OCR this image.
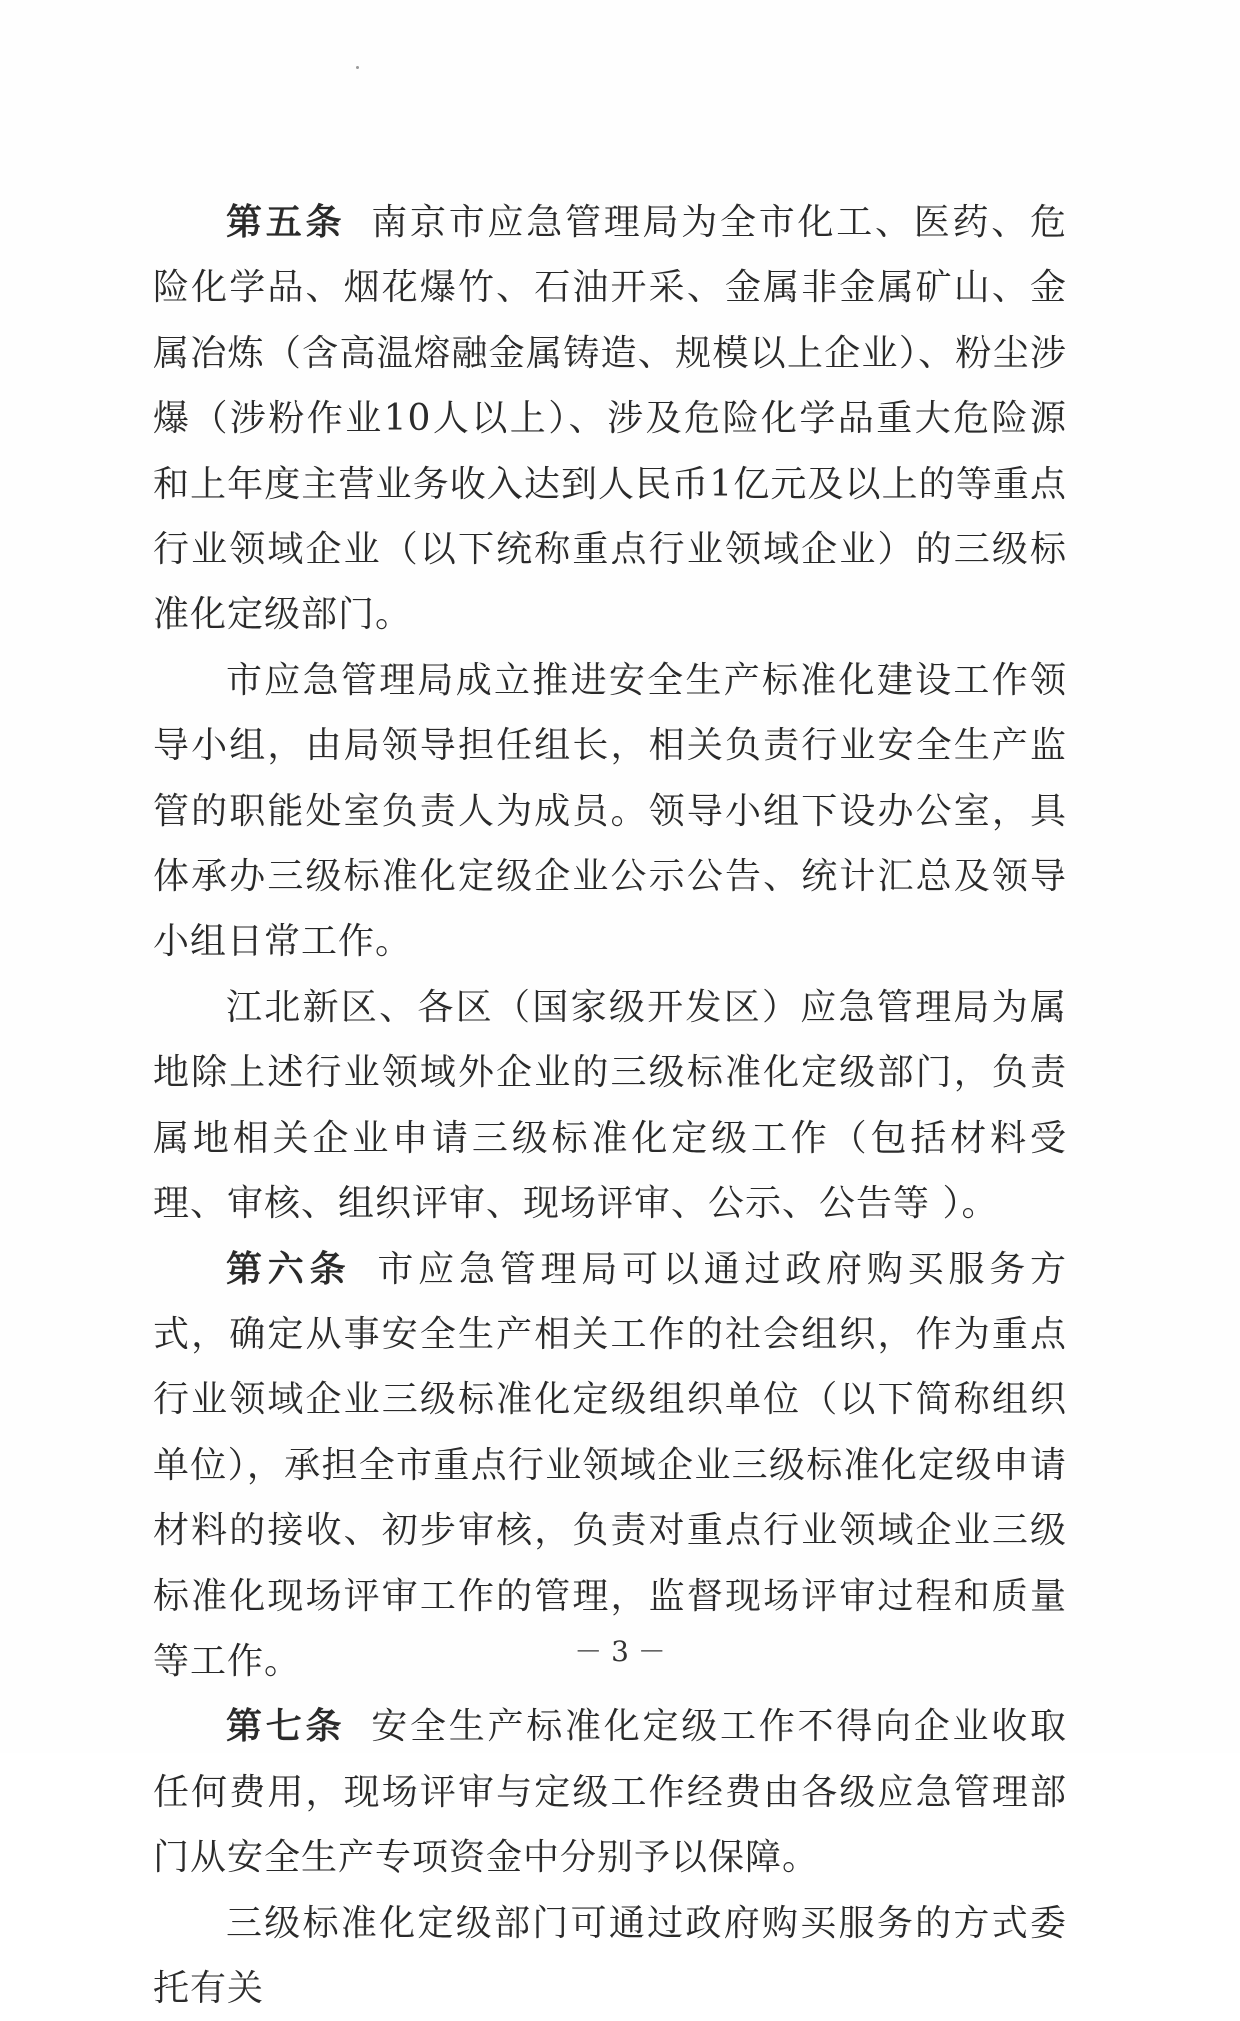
第五条 南京市应急管理局为全市化工、医药、危险化学品、烟花爆竹、石油开采、金属非金属矿山、金属冶炼（含高温熔融金属铸造、规模以上企业）、粉尘涉爆（涉粉作业10人以上）、涉及危险化学品重大危险源和上年度主营业务收入达到人民币1亿元及以上的等重点行业领域企业（以下统称重点行业领域企业）的三级标准化定级部门。

市应急管理局成立推进安全生产标准化建设工作领导小组，由局领导担任组长，相关负责行业安全生产监管的职能处室负责人为成员。领导小组下设办公室，具体承办三级标准化定级企业公示公告、统计汇总及领导小组日常工作。

江北新区、各区（国家级开发区）应急管理局为属地除上述行业领域外企业的三级标准化定级部门，负责属地相关企业申请三级标准化定级工作（包括材料受理、审核、组织评审、现场评审、公示、公告等 ）。

第六条 市应急管理局可以通过政府购买服务方式，确定从事安全生产相关工作的社会组织，作为重点行业领域企业三级标准化定级组织单位（以下简称组织单位），承担全市重点行业领域企业三级标准化定级申请材料的接收、初步审核，负责对重点行业领域企业三级标准化现场评审工作的管理，监督现场评审过程和质量等工作。

第七条 安全生产标准化定级工作不得向企业收取任何费用，现场评审与定级工作经费由各级应急管理部门从安全生产专项资金中分别予以保障。

三级标准化定级部门可通过政府购买服务的方式委托有关

－ 3 －
